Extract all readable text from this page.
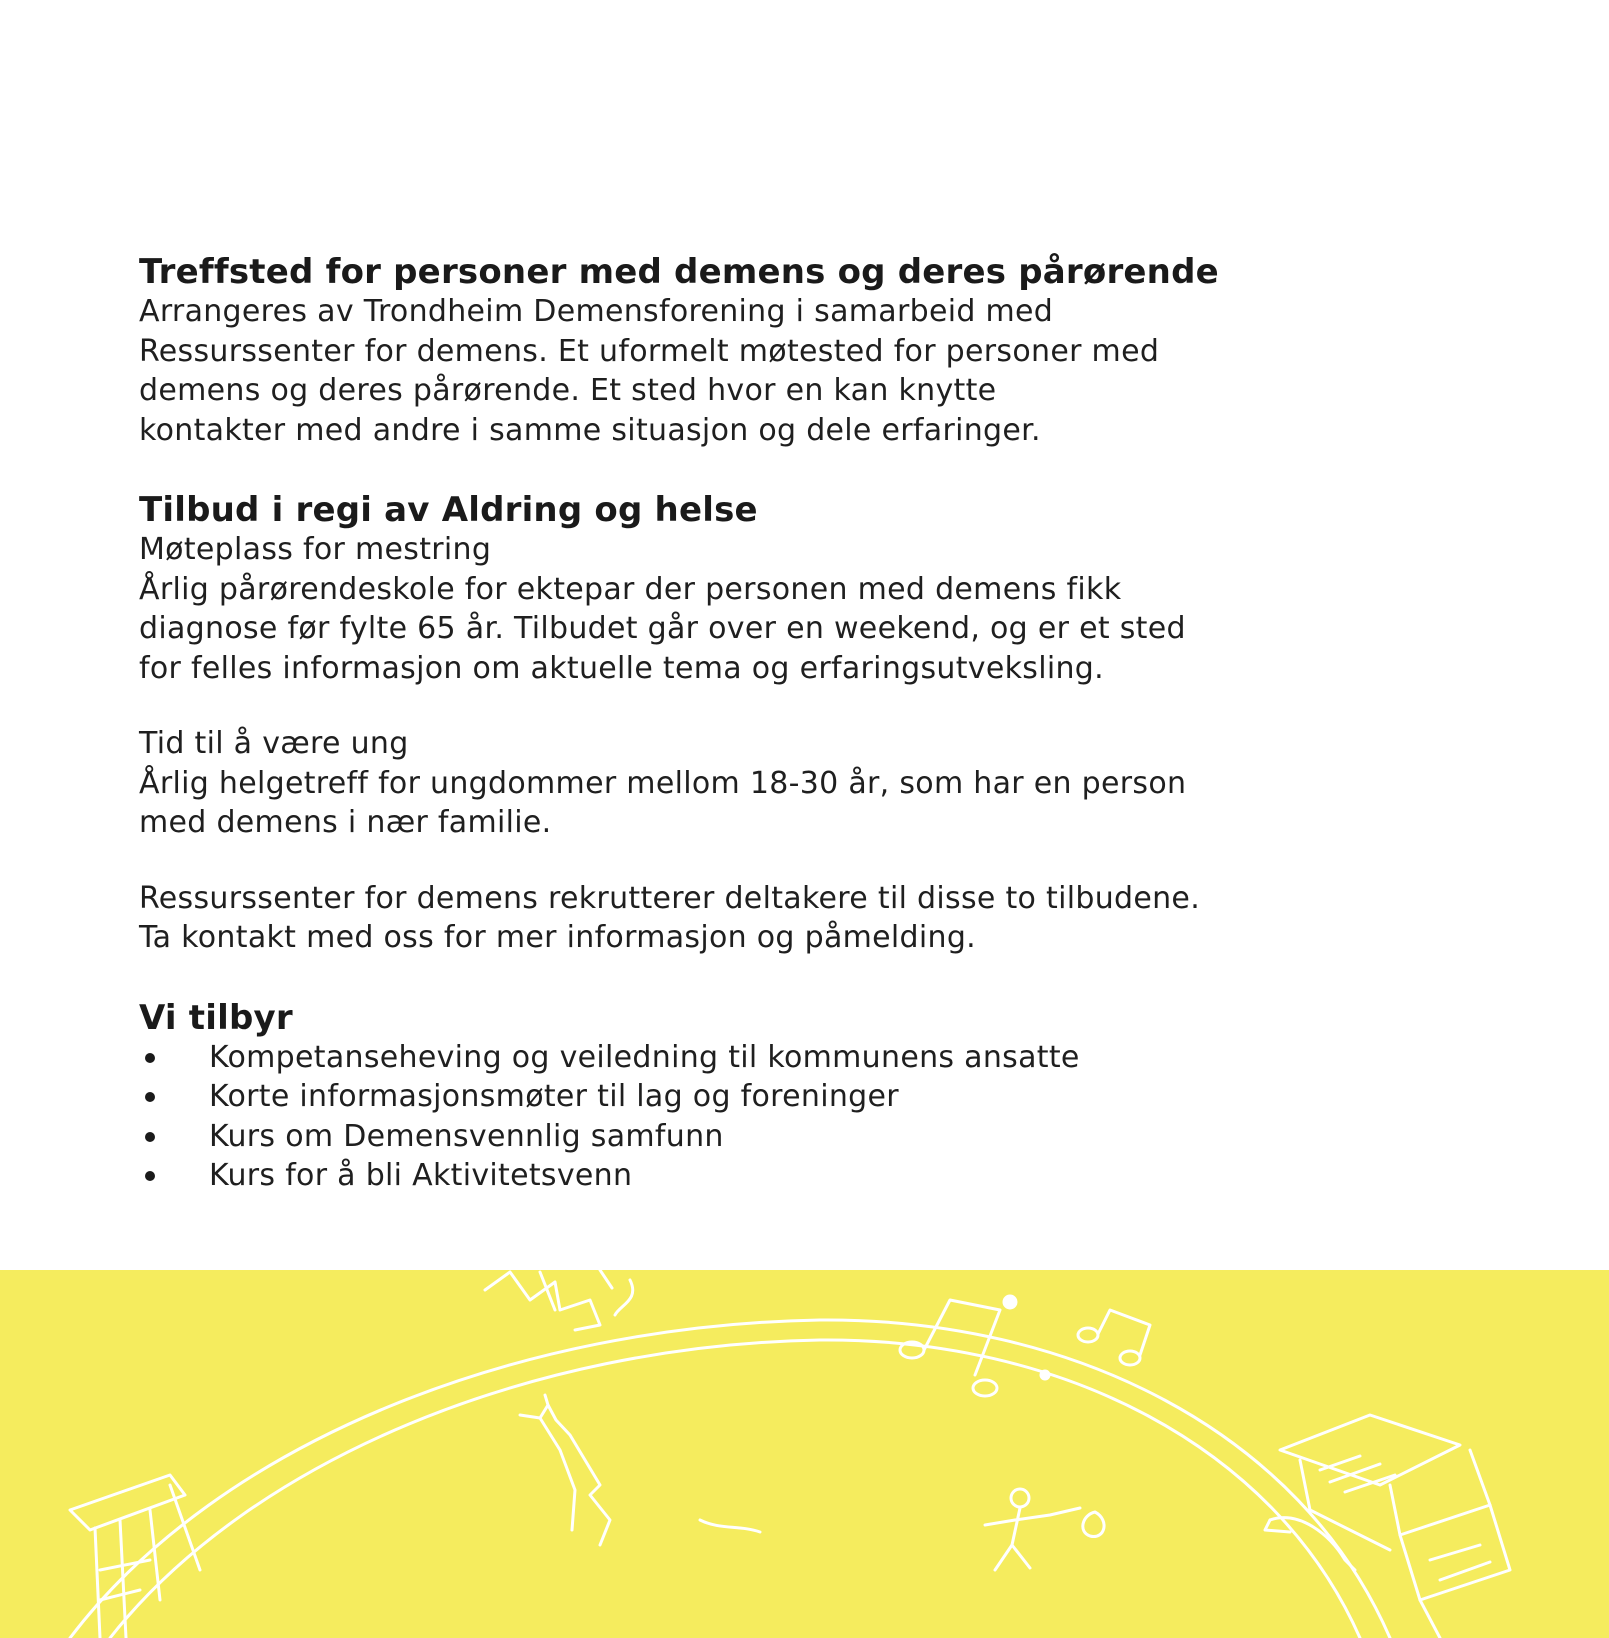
Treffsted for personer med demens og deres pårørende

Arrangeres av Trondheim Demensforening i samarbeid med

Ressurssenter for demens. Et uformelt møtested for personer med

demens og deres pårørende. Et sted hvor en kan knytte

kontakter med andre i samme situasjon og dele erfaringer.

Tilbud i regi av Aldring og helse

Møteplass for mestring

Årlig pårørendeskole for ektepar der personen med demens fikk

diagnose før fylte 65 år. Tilbudet går over en weekend, og er et sted

for felles informasjon om aktuelle tema og erfaringsutveksling.

Tid til å være ung

Årlig helgetreff for ungdommer mellom 18-30 år, som har en person

med demens i nær familie.

Ressurssenter for demens rekrutterer deltakere til disse to tilbudene.

Ta kontakt med oss for mer informasjon og påmelding.

Vi tilbyr
Kompetanseheving og veiledning til kommunens ansatte
Korte informasjonsmøter til lag og foreninger
Kurs om Demensvennlig samfunn
Kurs for å bli Aktivitetsvenn
